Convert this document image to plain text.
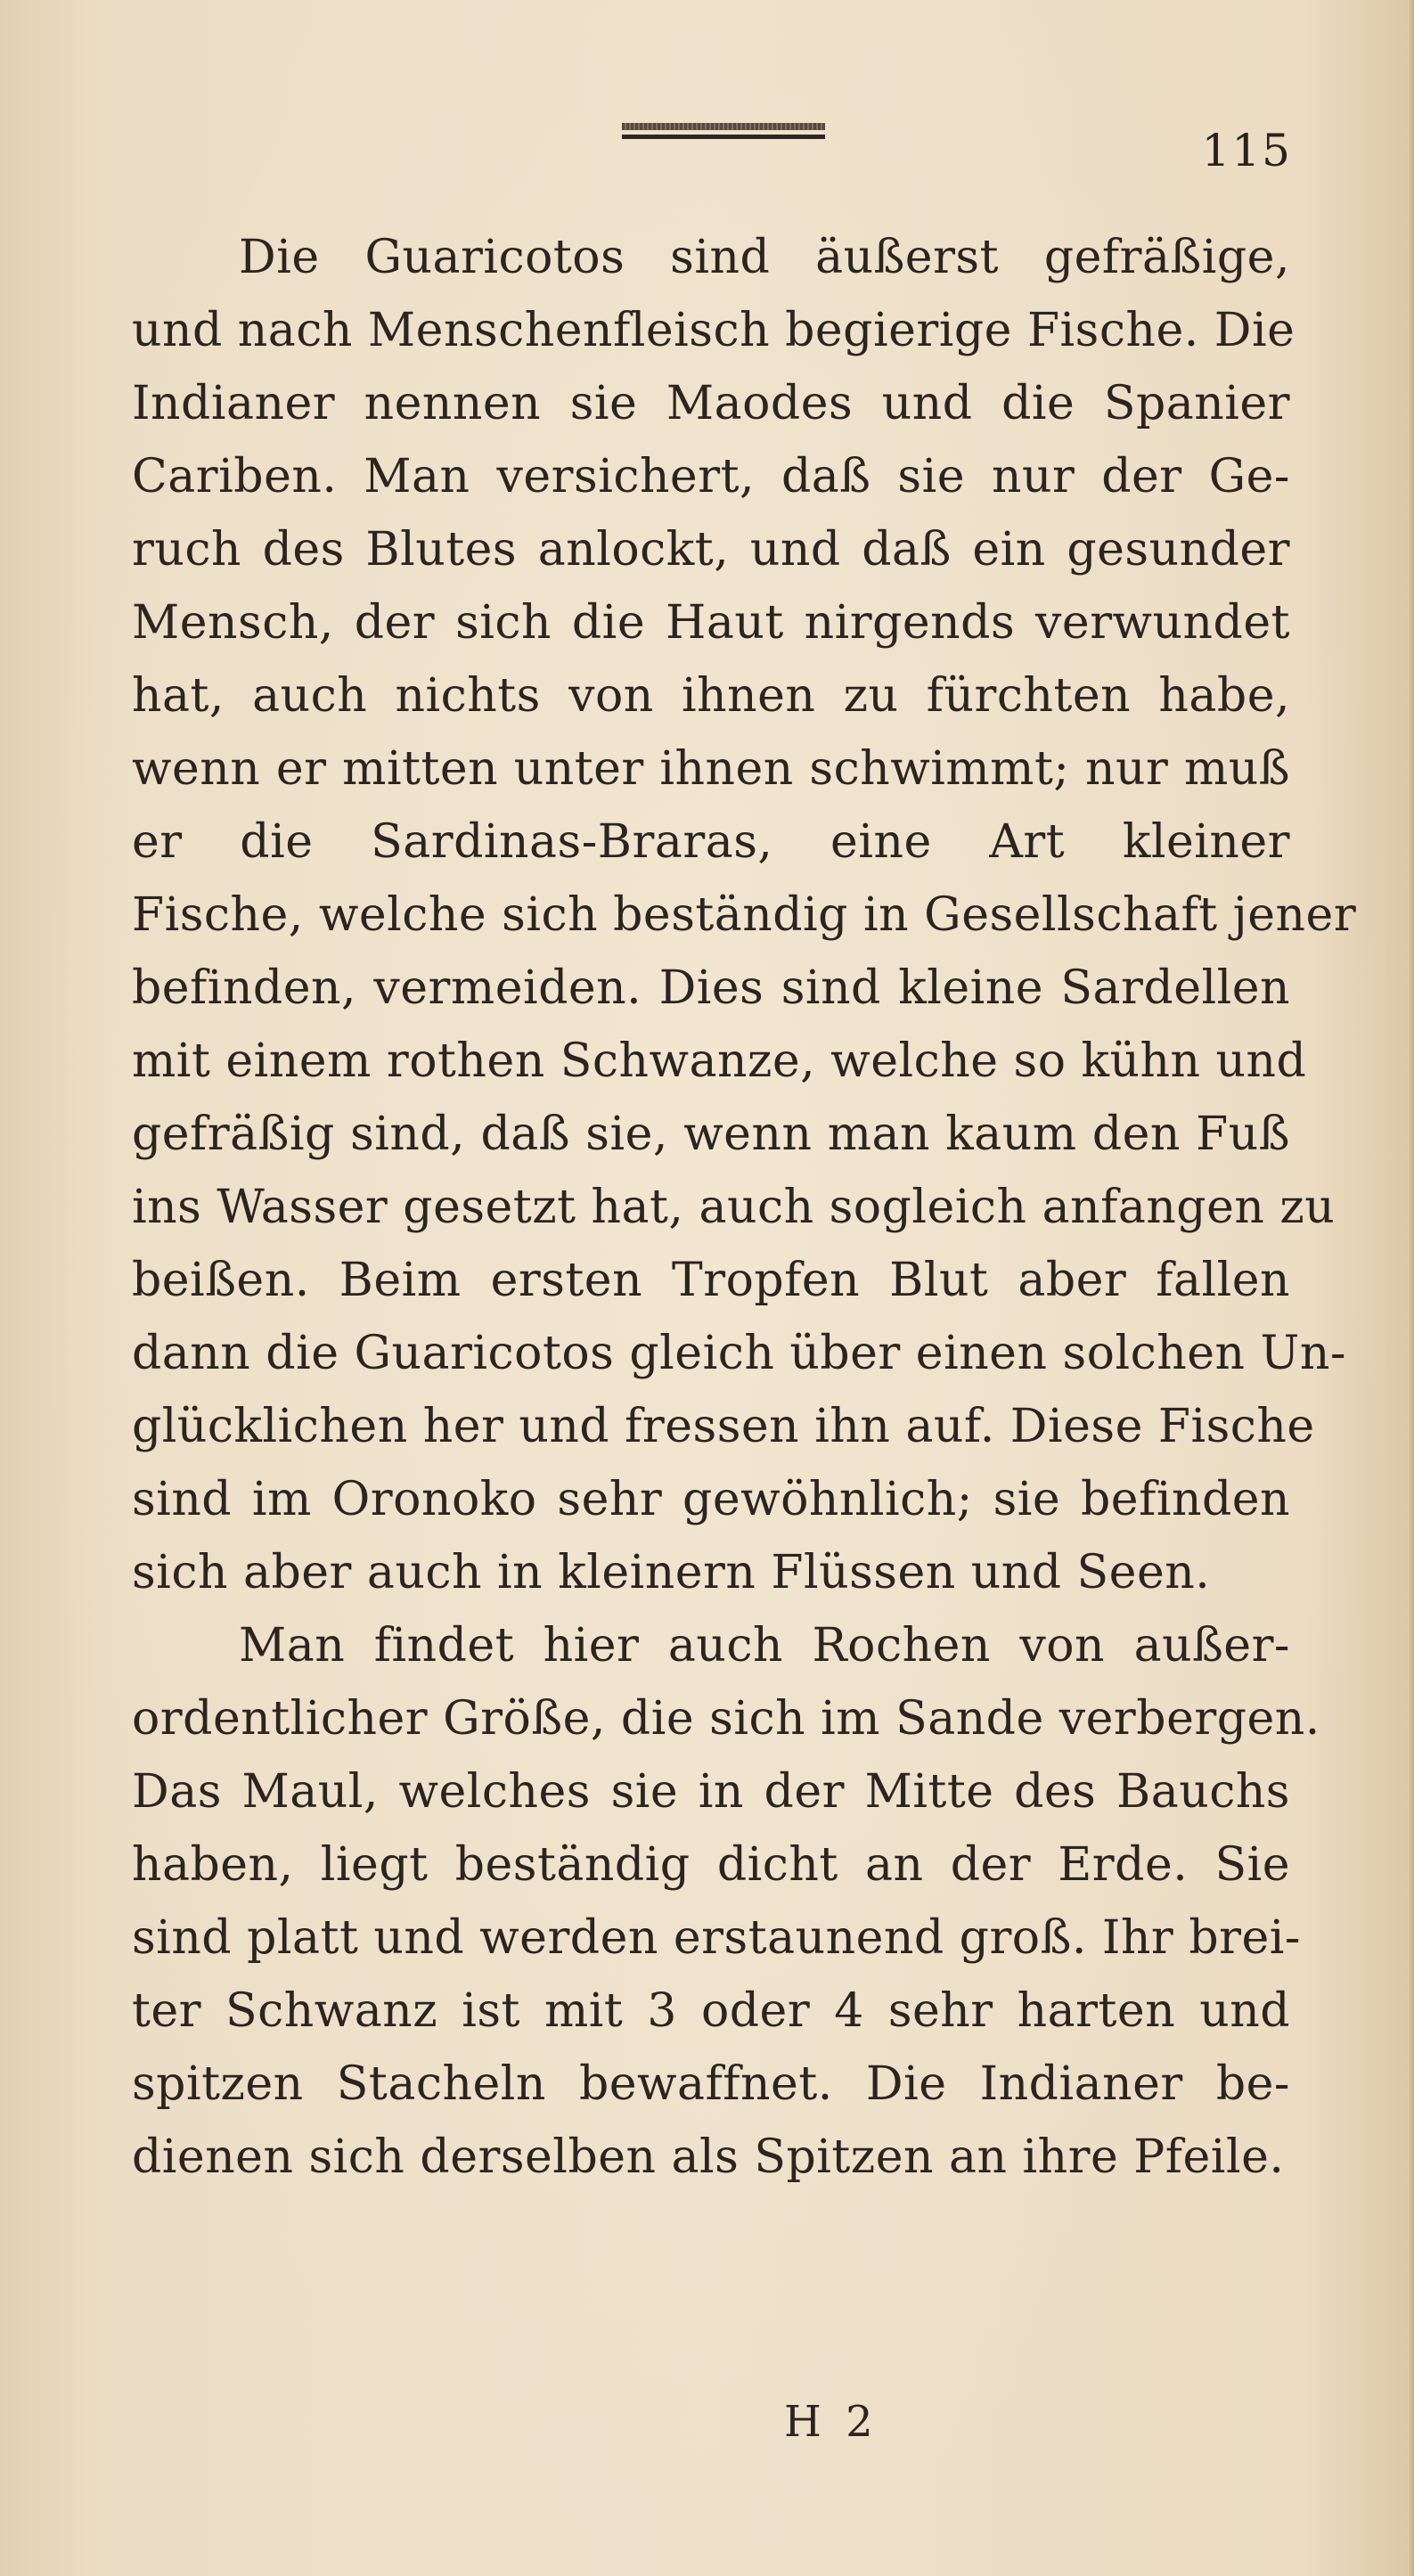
115
Die Guaricotos sind äußerst gefräßige,
und nach Menschenfleisch begierige Fische. Die
Indianer nennen sie Maodes und die Spanier
Cariben. Man versichert, daß sie nur der Ge-
ruch des Blutes anlockt, und daß ein gesunder
Mensch, der sich die Haut nirgends verwundet
hat, auch nichts von ihnen zu fürchten habe,
wenn er mitten unter ihnen schwimmt; nur muß
er die Sardinas-Braras, eine Art kleiner
Fische, welche sich beständig in Gesellschaft jener
befinden, vermeiden. Dies sind kleine Sardellen
mit einem rothen Schwanze, welche so kühn und
gefräßig sind, daß sie, wenn man kaum den Fuß
ins Wasser gesetzt hat, auch sogleich anfangen zu
beißen. Beim ersten Tropfen Blut aber fallen
dann die Guaricotos gleich über einen solchen Un-
glücklichen her und fressen ihn auf. Diese Fische
sind im Oronoko sehr gewöhnlich; sie befinden
sich aber auch in kleinern Flüssen und Seen.
Man findet hier auch Rochen von außer-
ordentlicher Größe, die sich im Sande verbergen.
Das Maul, welches sie in der Mitte des Bauchs
haben, liegt beständig dicht an der Erde. Sie
sind platt und werden erstaunend groß. Ihr brei-
ter Schwanz ist mit 3 oder 4 sehr harten und
spitzen Stacheln bewaffnet. Die Indianer be-
dienen sich derselben als Spitzen an ihre Pfeile.
H 2
